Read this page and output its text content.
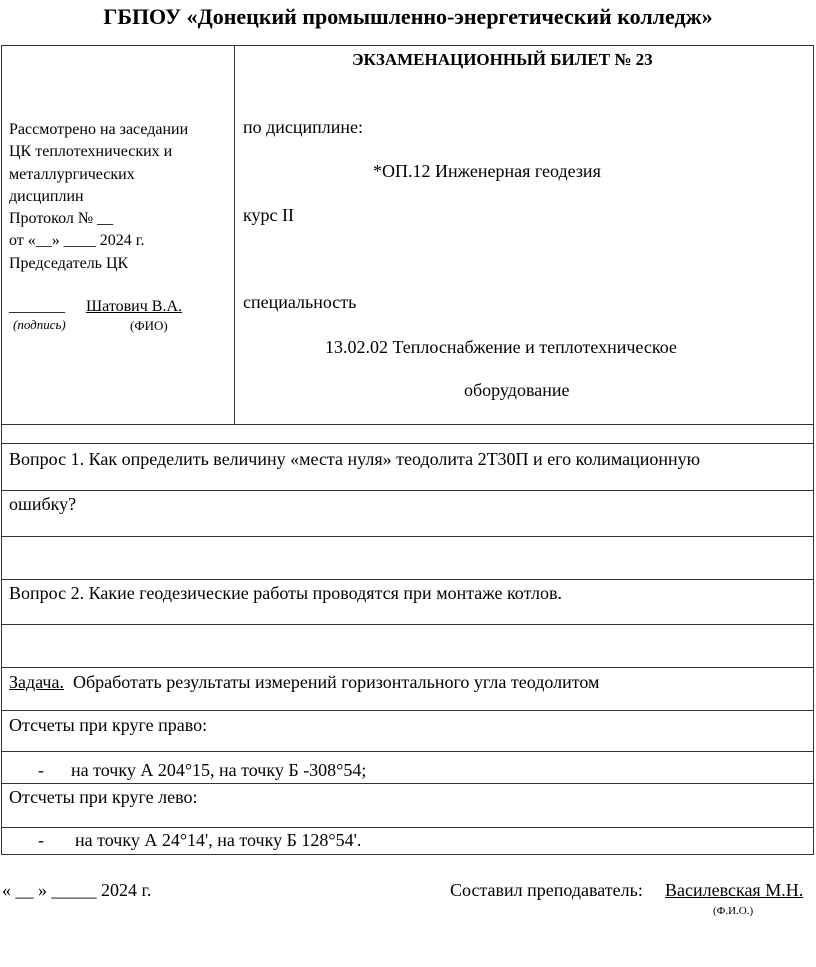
ГБПОУ «Донецкий промышленно-энергетический колледж»
Рассмотрено на заседании
ЦК теплотехнических и
металлургических
дисциплин
Протокол № __
от «__» ____ 2024 г.
Председатель ЦК
_______ Шатович В.А.
(подпись)	(ФИО)
ЭКЗАМЕНАЦИОННЫЙ БИЛЕТ № 23
по дисциплине:
*ОП.12 Инженерная геодезия
курс II
специальность
13.02.02 Теплоснабжение и теплотехническое
оборудование
Вопрос 1. Как определить величину «места нуля» теодолита 2Т30П и его колимационную
ошибку?
Вопрос 2. Какие геодезические работы проводятся при монтаже котлов.
Задача. Обработать результаты измерений горизонтального угла теодолитом
Отсчеты при круге право:
- на точку А 204°15, на точку Б -308°54;
Отсчеты при круге лево:
- на точку А 24°14', на точку Б 128°54'.
« __ » _____ 2024 г.	Составил преподаватель: Василевская М.Н.
(Ф.И.О.)
